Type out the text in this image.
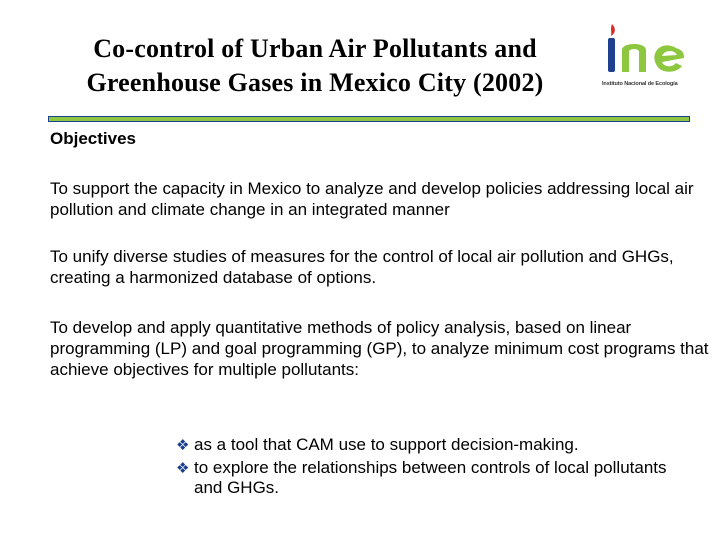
Co-control of Urban Air Pollutants and
Greenhouse Gases in Mexico City (2002)	Instituto Nacional de Ecología
Objectives
To support the capacity in Mexico to analyze and develop policies addressing local air pollution and climate change in an integrated manner
To unify diverse studies of measures for the control of local air pollution and GHGs, creating a harmonized database of options.
To develop and apply quantitative methods of policy analysis, based on linear programming (LP) and goal programming (GP), to analyze minimum cost programs that achieve objectives for multiple pollutants:
❖ as a tool that CAM use to support decision-making.
❖ to explore the relationships between controls of local pollutants and GHGs.
